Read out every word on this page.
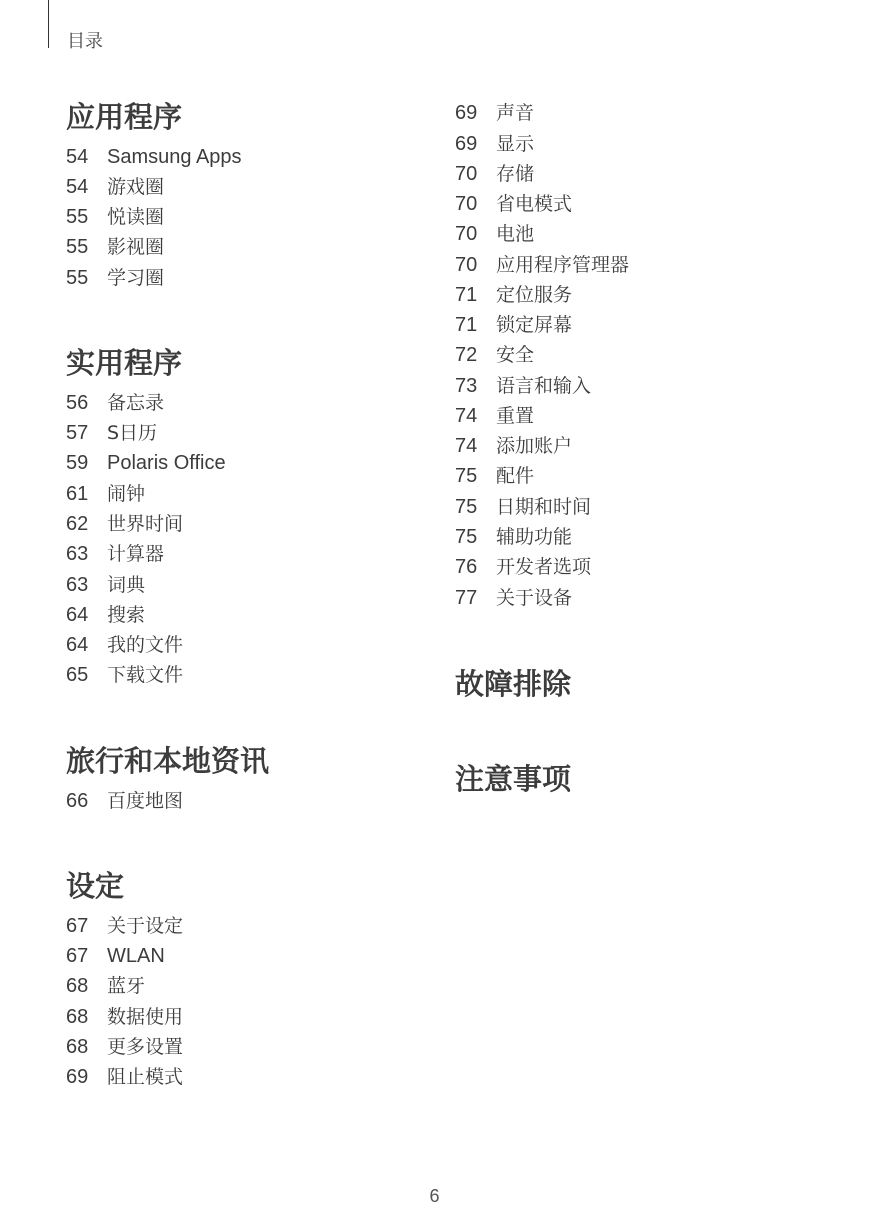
目录
应用程序
54 Samsung Apps
54 游戏圈
55 悦读圈
55 影视圈
55 学习圈
实用程序
56 备忘录
57 S日历
59 Polaris Office
61 闹钟
62 世界时间
63 计算器
63 词典
64 搜索
64 我的文件
65 下载文件
旅行和本地资讯
66 百度地图
设定
67 关于设定
67 WLAN
68 蓝牙
68 数据使用
68 更多设置
69 阻止模式
69 声音
69 显示
70 存储
70 省电模式
70 电池
70 应用程序管理器
71 定位服务
71 锁定屏幕
72 安全
73 语言和输入
74 重置
74 添加账户
75 配件
75 日期和时间
75 辅助功能
76 开发者选项
77 关于设备
故障排除
注意事项
6
